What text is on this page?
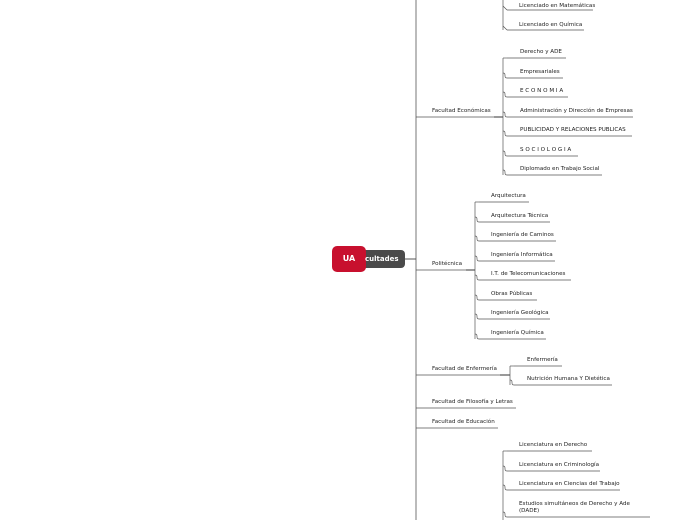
UA	cultades
Licenciado en Matemáticas
Licenciado en Química
Facultad Económicas
Derecho y ADE
Empresariales
E C O N O M I A
Administración y Dirección de Empresas
PUBLICIDAD Y RELACIONES PUBLICAS
S O C I O L O G I A
Diplomado en Trabajo Social
Politécnica
Arquitectura
Arquitectura Técnica
Ingeniería de Caminos
Ingeniería Informática
I.T. de Telecomunicaciones
Obras Públicas
Ingeniería Geológica
Ingeniería Química
Facultad de Enfermería
Enfermería
Nutrición Humana Y Dietética
Facultad de Filosofía y Letras
Facultad de Educación
Licenciatura en Derecho
Licenciatura en Criminología
Licenciatura en Ciencias del Trabajo
Estudios simultáneos de Derecho y Ade (DADE)
